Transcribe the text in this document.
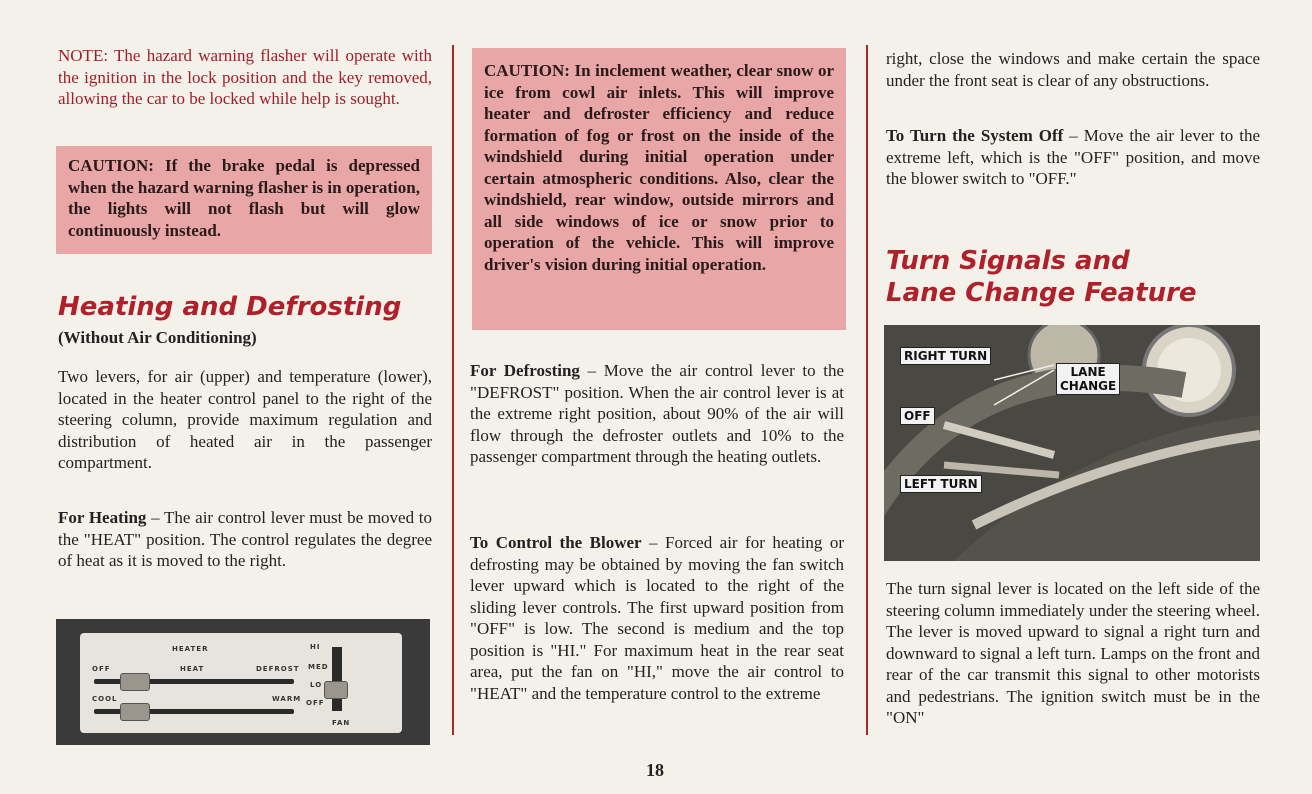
NOTE: The hazard warning flasher will operate with the ignition in the lock position and the key removed, allowing the car to be locked while help is sought.

CAUTION: If the brake pedal is depressed when the hazard warning flasher is in operation, the lights will not flash but will glow continuously instead.
Heating and Defrosting

(Without Air Conditioning)

Two levers, for air (upper) and temperature (lower), located in the heater control panel to the right of the steering column, provide maximum regulation and distribution of heated air in the passenger compartment.

For Heating – The air control lever must be moved to the "HEAT" position. The control regulates the degree of heat as it is moved to the right.

HEATER
OFF	HEAT	DEFROST
COOL	WARM
HI
MED
LO
OFF
FAN
CAUTION: In inclement weather, clear snow or ice from cowl air inlets. This will improve heater and defroster efficiency and reduce formation of fog or frost on the inside of the windshield during initial operation under certain atmospheric conditions. Also, clear the windshield, rear window, outside mirrors and all side windows of ice or snow prior to operation of the vehicle. This will improve driver's vision during initial operation.

For Defrosting – Move the air control lever to the "DEFROST" position. When the air control lever is at the extreme right position, about 90% of the air will flow through the defroster outlets and 10% to the passenger compartment through the heating outlets.

To Control the Blower – Forced air for heating or defrosting may be obtained by moving the fan switch lever upward which is located to the right of the sliding lever controls. The first upward position from "OFF" is low. The second is medium and the top position is "HI." For maximum heat in the rear seat area, put the fan on "HI," move the air control to "HEAT" and the temperature control to the extreme

right, close the windows and make certain the space under the front seat is clear of any obstructions.

To Turn the System Off – Move the air lever to the extreme left, which is the "OFF" position, and move the blower switch to "OFF."

Turn Signals and
Lane Change Feature
RIGHT TURN
LANE
CHANGE
OFF
LEFT TURN

The turn signal lever is located on the left side of the steering column immediately under the steering wheel. The lever is moved upward to signal a right turn and downward to signal a left turn. Lamps on the front and rear of the car transmit this signal to other motorists and pedestrians. The ignition switch must be in the "ON"

18
